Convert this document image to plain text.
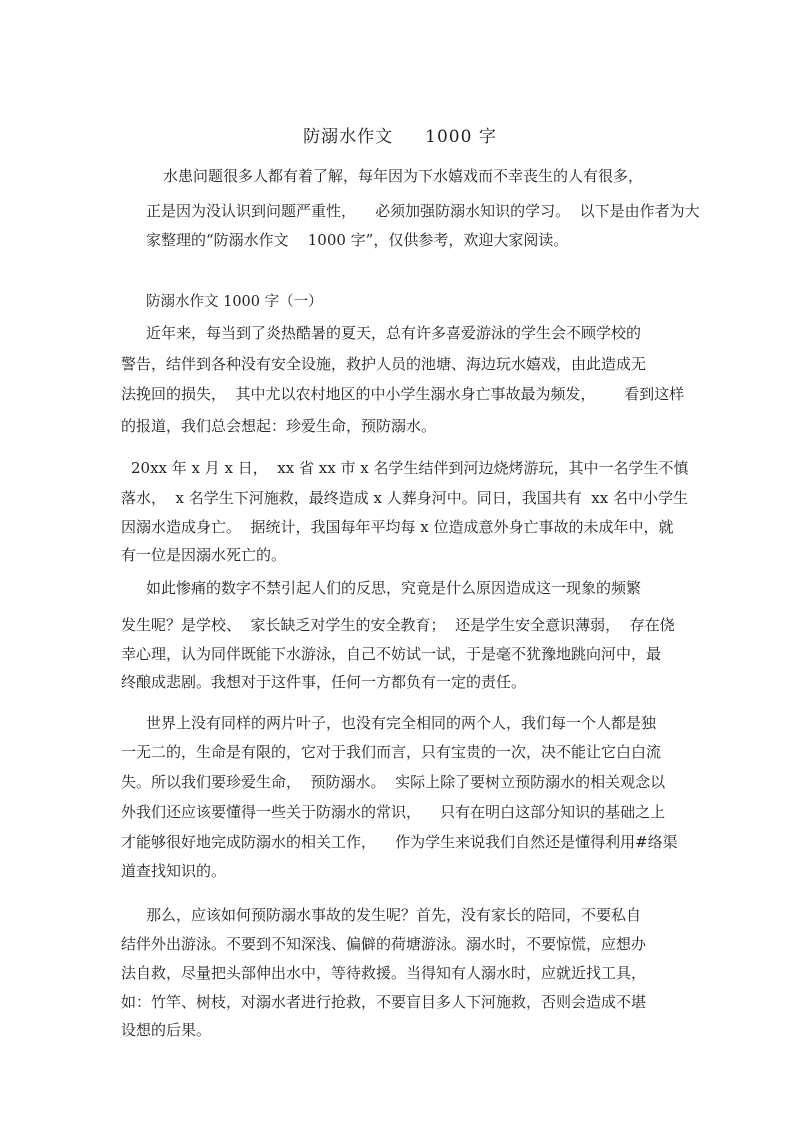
防溺水作文     1000 字
水患问题很多人都有着了解，每年因为下水嬉戏而不幸丧生的人有很多，
正是因为没认识到问题严重性，    必须加强防溺水知识的学习。  以下是由作者为大
家整理的“防溺水作文    1000 字”，仅供参考，欢迎大家阅读。
防溺水作文 1000 字（一）
近年来，每当到了炎热酷暑的夏天，总有许多喜爱游泳的学生会不顾学校的
警告，结伴到各种没有安全设施，救护人员的池塘、海边玩水嬉戏，由此造成无
法挽回的损失，  其中尤以农村地区的中小学生溺水身亡事故最为频发，      看到这样
的报道，我们总会想起：珍爱生命，预防溺水。
20xx 年 x 月 x 日，  xx 省 xx 市 x 名学生结伴到河边烧烤游玩，其中一名学生不慎
落水，  x 名学生下河施救，最终造成 x 人葬身河中。同日，我国共有  xx 名中小学生
因溺水造成身亡。  据统计，我国每年平均每 x 位造成意外身亡事故的未成年中，就
有一位是因溺水死亡的。
如此惨痛的数字不禁引起人们的反思，究竟是什么原因造成这一现象的频繁
发生呢？是学校、  家长缺乏对学生的安全教育；  还是学生安全意识薄弱，  存在侥
幸心理，认为同伴既能下水游泳，自己不妨试一试，于是毫不犹豫地跳向河中，最
终酿成悲剧。我想对于这件事，任何一方都负有一定的责任。
世界上没有同样的两片叶子，也没有完全相同的两个人，我们每一个人都是独
一无二的，生命是有限的，它对于我们而言，只有宝贵的一次，决不能让它白白流
失。所以我们要珍爱生命，  预防溺水。  实际上除了要树立预防溺水的相关观念以
外我们还应该要懂得一些关于防溺水的常识，    只有在明白这部分知识的基础之上
才能够很好地完成防溺水的相关工作，    作为学生来说我们自然还是懂得利用#络渠
道查找知识的。
那么，应该如何预防溺水事故的发生呢？首先，没有家长的陪同，不要私自
结伴外出游泳。不要到不知深浅、偏僻的荷塘游泳。溺水时，不要惊慌，应想办
法自救，尽量把头部伸出水中，等待救援。当得知有人溺水时，应就近找工具，
如：竹竿、树枝，对溺水者进行抢救，不要盲目多人下河施救，否则会造成不堪
设想的后果。
